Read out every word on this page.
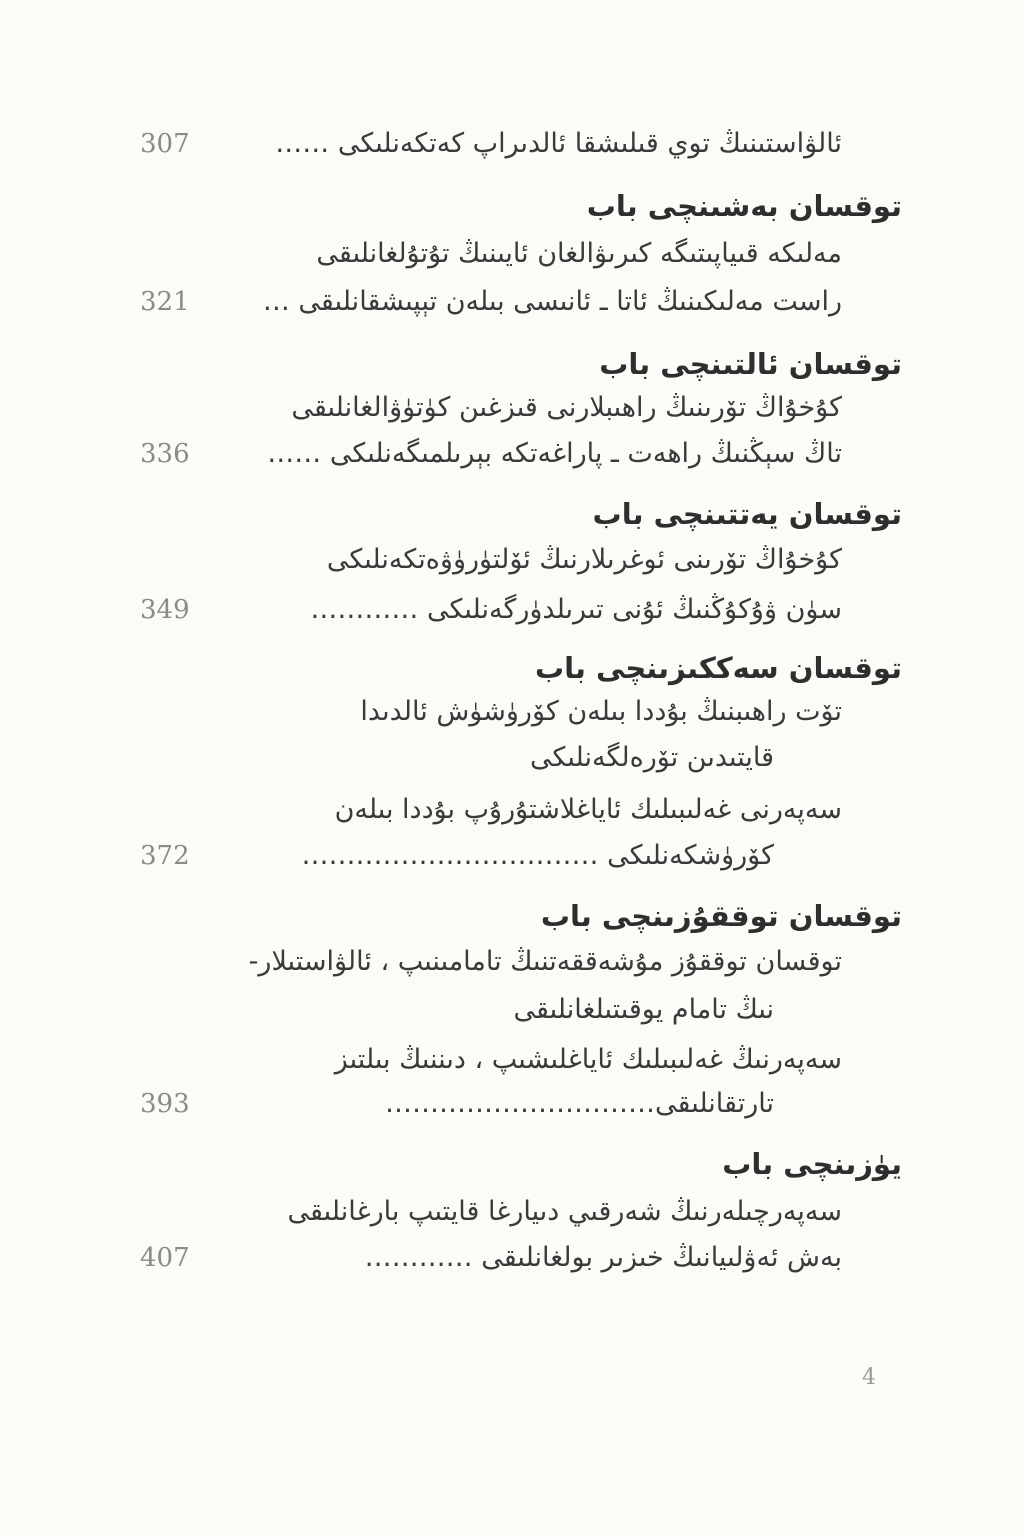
ئالۋاستىنىڭ توي قىلىشقا ئالدىراپ كەتكەنلىكى ……
307
توقسان بەشىنچى باب
مەلىكە قىياپىتىگە كىرىۋالغان ئايىنىڭ تۇتۇلغانلىقى
راست مەلىكىنىڭ ئاتا ـ ئانىسى بىلەن تېپىشقانلىقى …
321
توقسان ئالتىنچى باب
كۇخۇاڭ تۆرىنىڭ راھىبلارنى قىزغىن كۈتۈۋالغانلىقى
تاڭ سېڭنىڭ راھەت ـ پاراغەتكە بېرىلمىگەنلىكى ……
336
توقسان يەتتىنچى باب
كۇخۇاڭ تۆرىنى ئوغرىلارنىڭ ئۆلتۈرۈۋەتكەنلىكى
سۈن ۋۇكۇڭنىڭ ئۇنى تىرىلدۈرگەنلىكى …………
349
توقسان سەككىزىنچى باب
تۆت راھىبنىڭ بۇددا بىلەن كۆرۈشۈش ئالدىدا
قايتىدىن تۆرەلگەنلىكى
سەپەرنى غەلىبىلىك ئاياغلاشتۇرۇپ بۇددا بىلەن
كۆرۈشكەنلىكى ……………………………
372
توقسان توققۇزىنچى باب
توقسان توققۇز مۇشەققەتنىڭ تامامىنىپ ، ئالۋاستىلار-
نىڭ تامام يوقىتىلغانلىقى
سەپەرنىڭ غەلىبىلىك ئاياغلىشىپ ، دىننىڭ بىلتىز
تارتقانلىقى…………………………
393
يۈزىنچى باب
سەپەرچىلەرنىڭ شەرقىي دىيارغا قايتىپ بارغانلىقى
بەش ئەۋلىيانىڭ خىزىر بولغانلىقى …………
407
4
